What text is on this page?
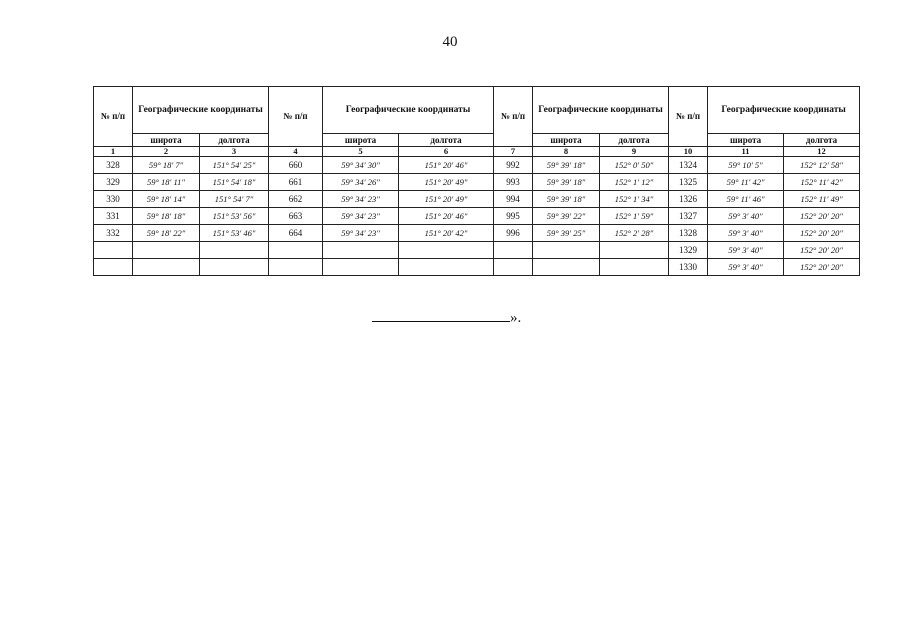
40
№ п/п	Географические координаты		№ п/п	Географические координаты		№ п/п	Географические координаты		№ п/п	Географические координаты	
	широта	долгота		широта	долгота		широта	долгота		широта	долгота
1	2	3	4	5	6	7	8	9	10	11	12
328	59° 18′ 7″	151° 54′ 25″	660	59° 34′ 30″	151° 20′ 46″	992	59° 39′ 18″	152° 0′ 50″	1324	59° 10′ 5″	152° 12′ 58″
329	59° 18′ 11″	151° 54′ 18″	661	59° 34′ 26″	151° 20′ 49″	993	59° 39′ 18″	152° 1′ 12″	1325	59° 11′ 42″	152° 11′ 42″
330	59° 18′ 14″	151° 54′ 7″	662	59° 34′ 23″	151° 20′ 49″	994	59° 39′ 18″	152° 1′ 34″	1326	59° 11′ 46″	152° 11′ 49″
331	59° 18′ 18″	151° 53′ 56″	663	59° 34′ 23″	151° 20′ 46″	995	59° 39′ 22″	152° 1′ 59″	1327	59° 3′ 40″	152° 20′ 20″
332	59° 18′ 22″	151° 53′ 46″	664	59° 34′ 23″	151° 20′ 42″	996	59° 39′ 25″	152° 2′ 28″	1328	59° 3′ 40″	152° 20′ 20″
									1329	59° 3′ 40″	152° 20′ 20″
									1330	59° 3′ 40″	152° 20′ 20″
».
